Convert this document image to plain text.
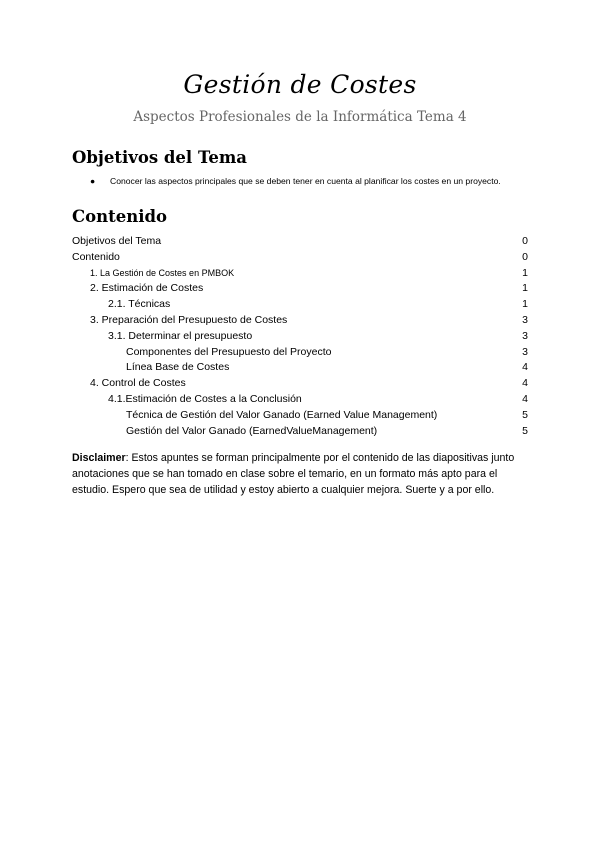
Gestión de Costes
Aspectos Profesionales de la Informática Tema 4
Objetivos del Tema
● Conocer las aspectos principales que se deben tener en cuenta al planificar los costes en un proyecto.
Contenido
Objetivos del Tema	0
Contenido	0
1. La Gestión de Costes en PMBOK	1
2. Estimación de Costes	1
2.1. Técnicas	1
3. Preparación del Presupuesto de Costes	3
3.1. Determinar el presupuesto	3
Componentes del Presupuesto del Proyecto	3
Línea Base de Costes	4
4. Control de Costes	4
4.1.Estimación de Costes a la Conclusión	4
Técnica de Gestión del Valor Ganado (Earned Value Management)	5
Gestión del Valor Ganado (EarnedValueManagement)	5

Disclaimer: Estos apuntes se forman principalmente por el contenido de las diapositivas junto anotaciones que se han tomado en clase sobre el temario, en un formato más apto para el estudio. Espero que sea de utilidad y estoy abierto a cualquier mejora. Suerte y a por ello.
